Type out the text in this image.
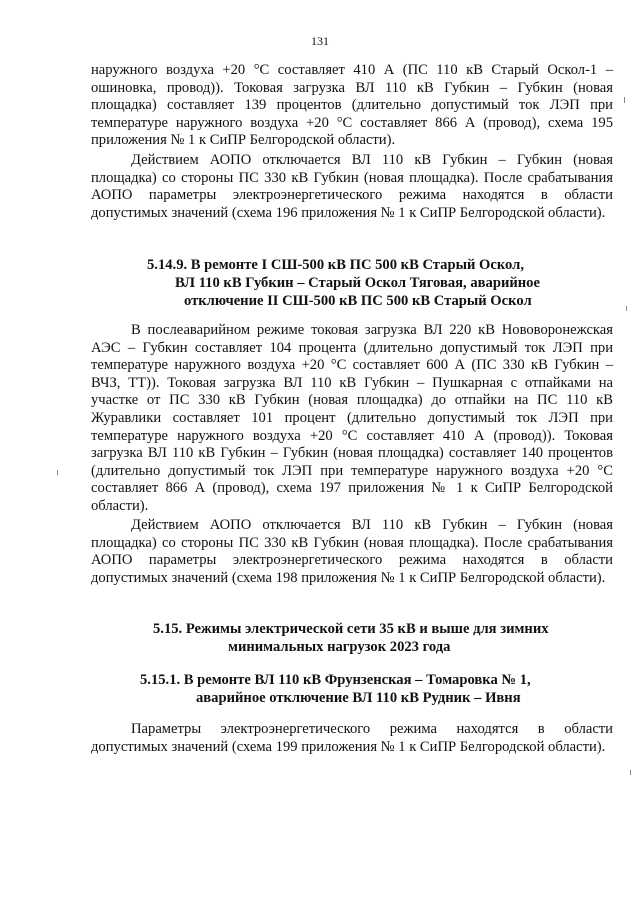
131

наружного воздуха +20 °С составляет 410 А (ПС 110 кВ Старый Оскол-1 – ошиновка, провод)). Токовая загрузка ВЛ 110 кВ Губкин – Губкин (новая площадка) составляет 139 процентов (длительно допустимый ток ЛЭП при температуре наружного воздуха +20 °С составляет 866 А (провод), схема 195 приложения № 1 к СиПР Белгородской области).

Действием АОПО отключается ВЛ 110 кВ Губкин – Губкин (новая площадка) со стороны ПС 330 кВ Губкин (новая площадка). После срабатывания АОПО параметры электроэнергетического режима находятся в области допустимых значений (схема 196 приложения № 1 к СиПР Белгородской области).

5.14.9. В ремонте I СШ-500 кВ ПС 500 кВ Старый Оскол,
ВЛ 110 кВ Губкин – Старый Оскол Тяговая, аварийное
отключение II СШ-500 кВ ПС 500 кВ Старый Оскол

В послеаварийном режиме токовая загрузка ВЛ 220 кВ Нововоронежская АЭС – Губкин составляет 104 процента (длительно допустимый ток ЛЭП при температуре наружного воздуха +20 °С составляет 600 А (ПС 330 кВ Губкин – ВЧЗ, ТТ)). Токовая загрузка ВЛ 110 кВ Губкин – Пушкарная с отпайками на участке от ПС 330 кВ Губкин (новая площадка) до отпайки на ПС 110 кВ Журавлики составляет 101 процент (длительно допустимый ток ЛЭП при температуре наружного воздуха +20 °С составляет 410 А (провод)). Токовая загрузка ВЛ 110 кВ Губкин – Губкин (новая площадка) составляет 140 процентов (длительно допустимый ток ЛЭП при температуре наружного воздуха +20 °С составляет 866 А (провод), схема 197 приложения № 1 к СиПР Белгородской области).

Действием АОПО отключается ВЛ 110 кВ Губкин – Губкин (новая площадка) со стороны ПС 330 кВ Губкин (новая площадка). После срабатывания АОПО параметры электроэнергетического режима находятся в области допустимых значений (схема 198 приложения № 1 к СиПР Белгородской области).

5.15. Режимы электрической сети 35 кВ и выше для зимних
минимальных нагрузок 2023 года
5.15.1. В ремонте ВЛ 110 кВ Фрунзенская – Томаровка № 1,
аварийное отключение ВЛ 110 кВ Рудник – Ивня

Параметры электроэнергетического режима находятся в области допустимых значений (схема 199 приложения № 1 к СиПР Белгородской области).
